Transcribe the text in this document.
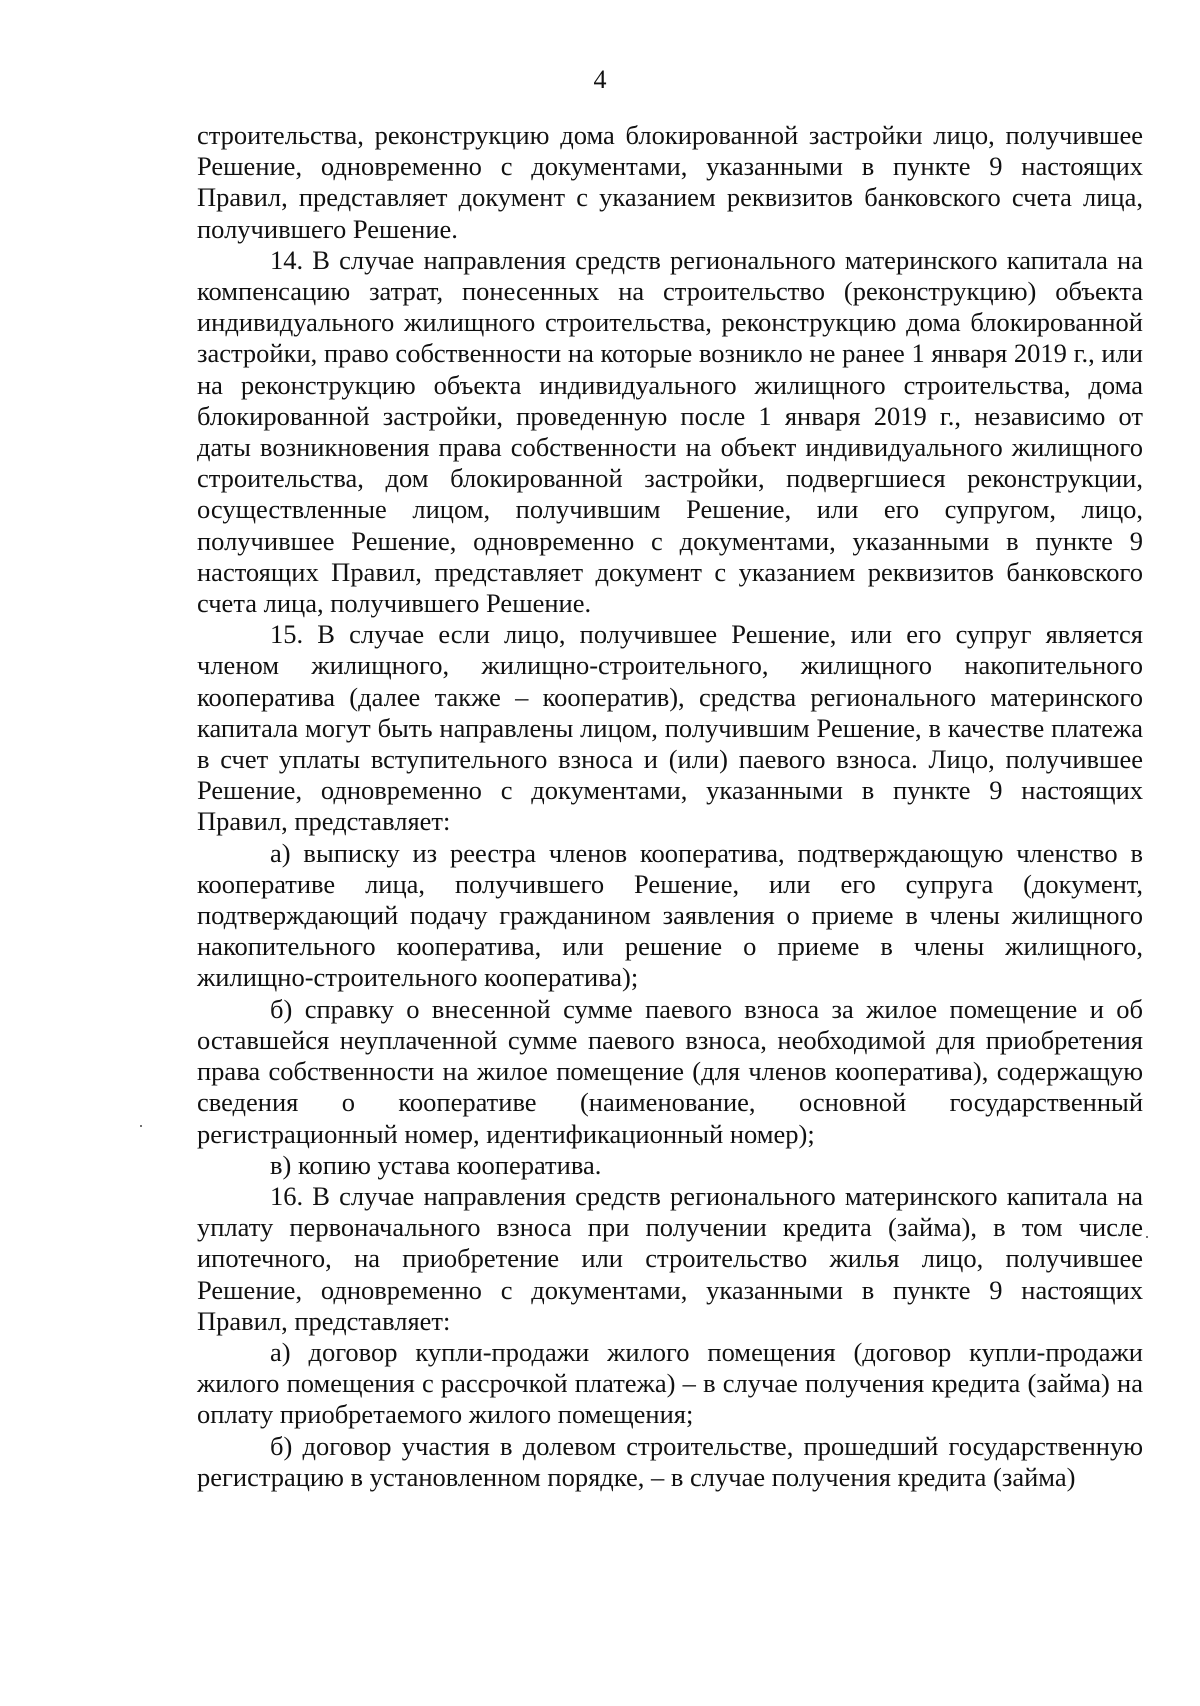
4

строительства, реконструкцию дома блокированной застройки лицо, получившее Решение, одновременно с документами, указанными в пункте 9 настоящих Правил, представляет документ с указанием реквизитов банковского счета лица, получившего Решение.

14. В случае направления средств регионального материнского капитала на компенсацию затрат, понесенных на строительство (реконструкцию) объекта индивидуального жилищного строительства, реконструкцию дома блокированной застройки, право собственности на которые возникло не ранее 1 января 2019 г., или на реконструкцию объекта индивидуального жилищного строительства, дома блокированной застройки, проведенную после 1 января 2019 г., независимо от даты возникновения права собственности на объект индивидуального жилищного строительства, дом блокированной застройки, подвергшиеся реконструкции, осуществленные лицом, получившим Решение, или его супругом, лицо, получившее Решение, одновременно с документами, указанными в пункте 9 настоящих Правил, представляет документ с указанием реквизитов банковского счета лица, получившего Решение.

15. В случае если лицо, получившее Решение, или его супруг является членом жилищного, жилищно-строительного, жилищного накопительного кооператива (далее также – кооператив), средства регионального материнского капитала могут быть направлены лицом, получившим Решение, в качестве платежа в счет уплаты вступительного взноса и (или) паевого взноса. Лицо, получившее Решение, одновременно с документами, указанными в пункте 9 настоящих Правил, представляет:

а) выписку из реестра членов кооператива, подтверждающую членство в кооперативе лица, получившего Решение, или его супруга (документ, подтверждающий подачу гражданином заявления о приеме в члены жилищного накопительного кооператива, или решение о приеме в члены жилищного, жилищно-строительного кооператива);

б) справку о внесенной сумме паевого взноса за жилое помещение и об оставшейся неуплаченной сумме паевого взноса, необходимой для приобретения права собственности на жилое помещение (для членов кооператива), содержащую сведения о кооперативе (наименование, основной государственный регистрационный номер, идентификационный номер);

в) копию устава кооператива.

16. В случае направления средств регионального материнского капитала на уплату первоначального взноса при получении кредита (займа), в том числе ипотечного, на приобретение или строительство жилья лицо, получившее Решение, одновременно с документами, указанными в пункте 9 настоящих Правил, представляет:

а) договор купли-продажи жилого помещения (договор купли-продажи жилого помещения с рассрочкой платежа) – в случае получения кредита (займа) на оплату приобретаемого жилого помещения;

б) договор участия в долевом строительстве, прошедший государственную регистрацию в установленном порядке, – в случае получения кредита (займа)
